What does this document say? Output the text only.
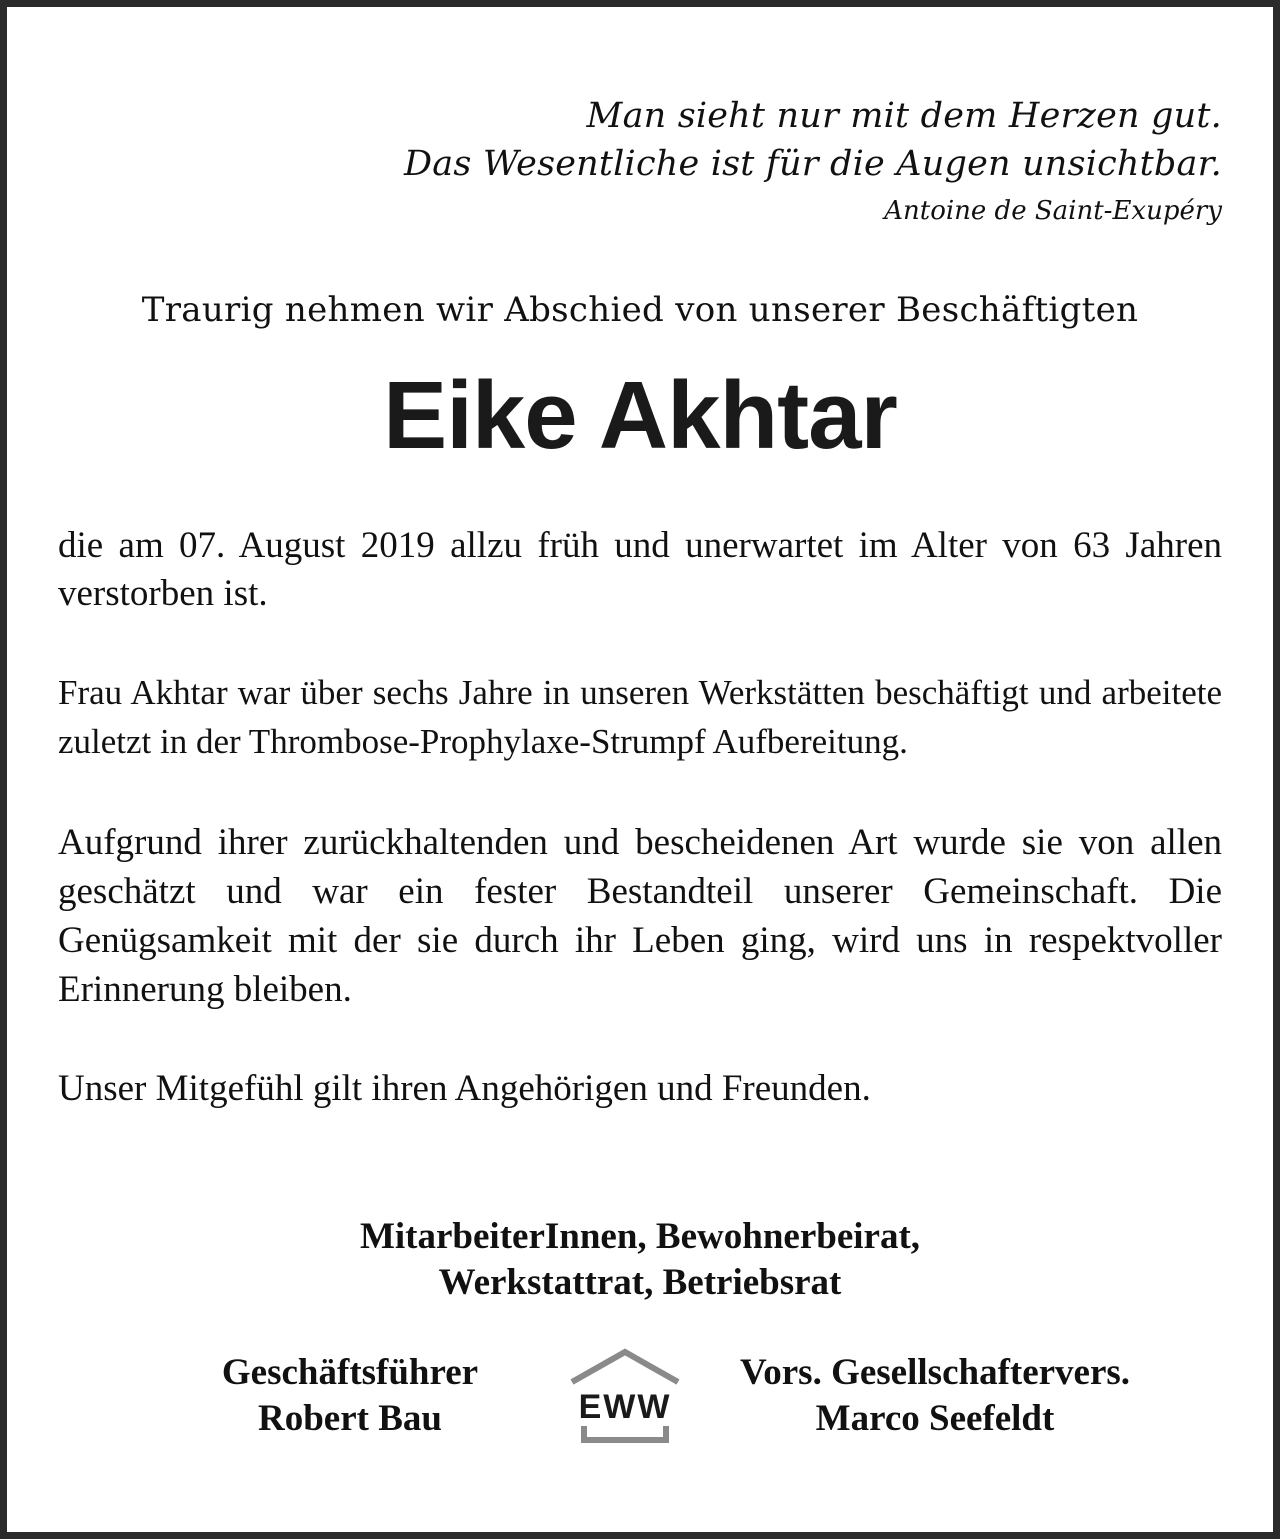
Man sieht nur mit dem Herzen gut.
Das Wesentliche ist für die Augen unsichtbar.
Antoine de Saint-Exupéry
Traurig nehmen wir Abschied von unserer Beschäftigten
Eike Akhtar
die am 07. August 2019 allzu früh und unerwartet im Alter von 63 Jahren verstorben ist.
Frau Akhtar war über sechs Jahre in unseren Werkstätten beschäftigt und arbeitete zuletzt in der Thrombose-Prophylaxe-Strumpf Aufbereitung.
Aufgrund ihrer zurückhaltenden und bescheidenen Art wurde sie von allen geschätzt und war ein fester Bestandteil unserer Gemeinschaft. Die Genügsamkeit mit der sie durch ihr Leben ging, wird uns in respektvoller Erinnerung bleiben.
Unser Mitgefühl gilt ihren Angehörigen und Freunden.
MitarbeiterInnen, Bewohnerbeirat,
Werkstattrat, Betriebsrat
Geschäftsführer
Robert Bau	EWW
Vors. Gesellschaftervers.
Marco Seefeldt
